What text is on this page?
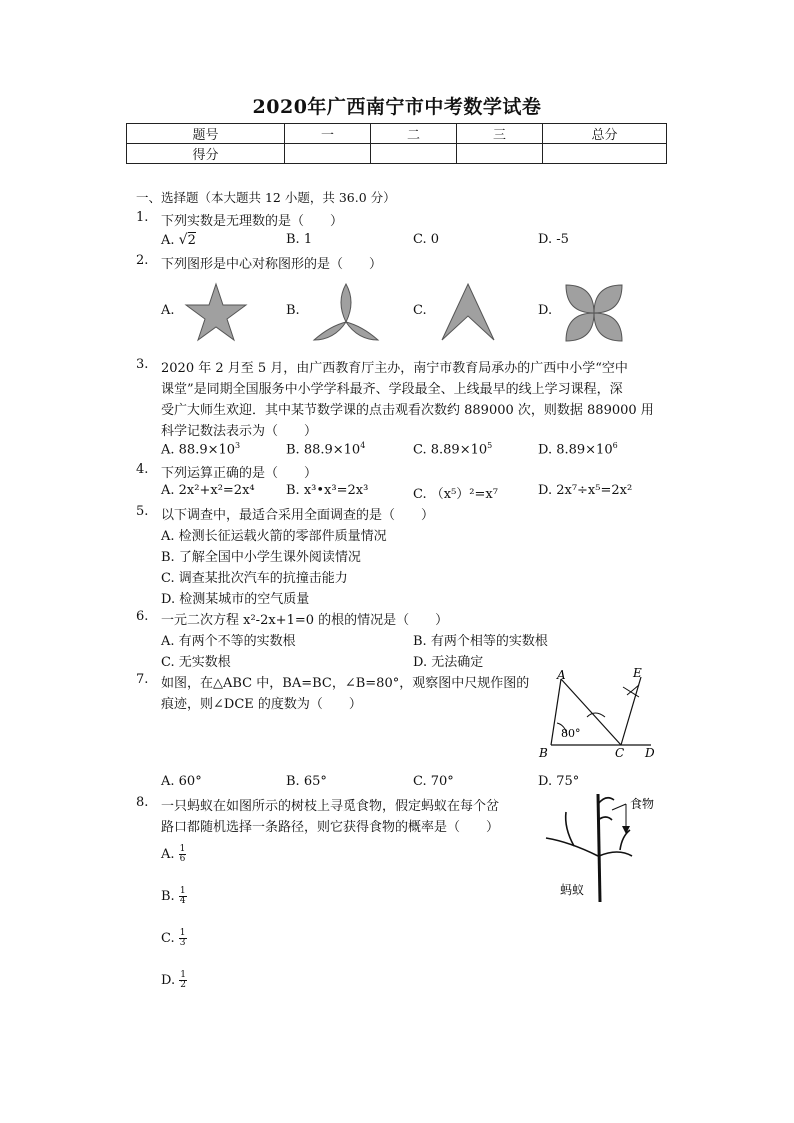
2020年广西南宁市中考数学试卷
题号	一	二	三	总分
得分				
一、选择题（本大题共 12 小题，共 36.0 分）
1. 下列实数是无理数的是（　　）
A. √2	B. 1	C. 0	D. -5
2. 下列图形是中心对称图形的是（　　）
A.	B.	C.	D.
3. 2020 年 2 月至 5 月，由广西教育厅主办，南宁市教育局承办的广西中小学“空中
课堂”是同期全国服务中小学学科最齐、学段最全、上线最早的线上学习课程，深
受广大师生欢迎．其中某节数学课的点击观看次数约 889000 次，则数据 889000 用
科学记数法表示为（　　）
A. $88.9\times 10^3$	B. $88.9\times 10^4$	C. $8.89\times 10^5$	D. $8.89\times 10^6$
4. 下列运算正确的是（　　）
A. 2x²+x²=2x⁴ B. x³•x³=2x³	C. （x⁵）²=x⁷	D. 2x⁷÷x⁵=2x²
5. 以下调查中，最适合采用全面调查的是（　　）
A. 检测长征运载火箭的零部件质量情况
B. 了解全国中小学生课外阅读情况
C. 调查某批次汽车的抗撞击能力
D. 检测某城市的空气质量
6. 一元二次方程 x²-2x+1=0 的根的情况是（　　）
A. 有两个不等的实数根	B. 有两个相等的实数根
C. 无实数根	D. 无法确定
7. 如图，在△ABC 中，BA=BC，∠B=80°，观察图中尺规作图的
痕迹，则∠DCE 的度数为（　　）
A
B	C D
E
80°
A. 60°	B. 65°	C. 70°	D. 75°
8. 一只蚂蚁在如图所示的树枝上寻觅食物，假定蚂蚁在每个岔
路口都随机选择一条路径，则它获得食物的概率是（　　）
食物
蚂蚁
A. $\frac{1}{6}$
B. $\frac{1}{4}$
C. $\frac{1}{3}$
D. $\frac{1}{2}$
